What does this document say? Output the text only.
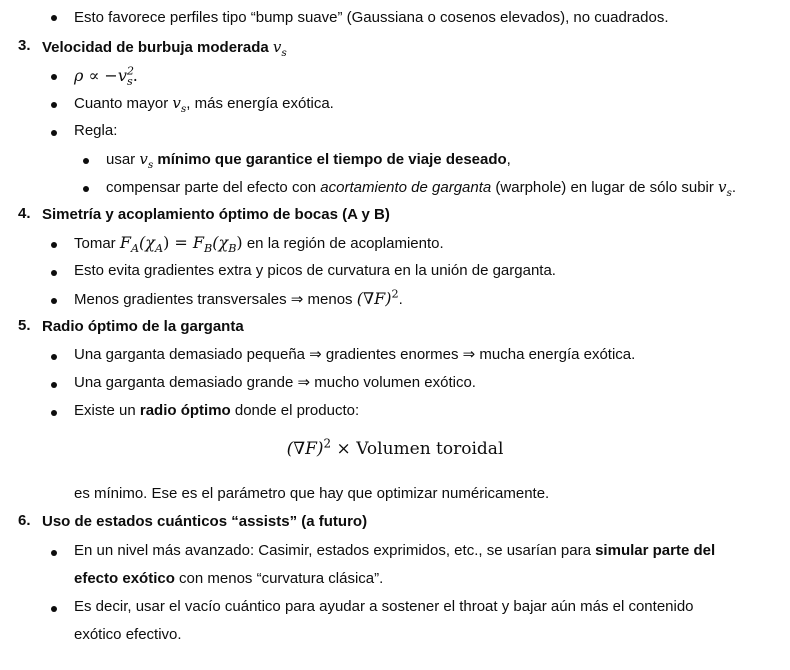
Esto favorece perfiles tipo “bump suave” (Gaussiana o cosenos elevados), no cuadrados.
3. Velocidad de burbuja moderada $v_s$
$\rho \propto -v^2_s$.
Cuanto mayor $v_s$, más energía exótica.
Regla:
usar $v_s$ mínimo que garantice el tiempo de viaje deseado,
compensar parte del efecto con acortamiento de garganta (warphole) en lugar de sólo subir $v_s$.
4. Simetría y acoplamiento óptimo de bocas (A y B)
Tomar $F_A(\chi_A) = F_B(\chi_B)$ en la región de acoplamiento.
Esto evita gradientes extra y picos de curvatura en la unión de garganta.
Menos gradientes transversales ⇒ menos $(\nabla F)^2$.
5. Radio óptimo de la garganta
Una garganta demasiado pequeña ⇒ gradientes enormes ⇒ mucha energía exótica.
Una garganta demasiado grande ⇒ mucho volumen exótico.
Existe un radio óptimo donde el producto:
$(\nabla F)^2$ × Volumen toroidal
es mínimo. Ese es el parámetro que hay que optimizar numéricamente.
6. Uso de estados cuánticos “assists” (a futuro)
En un nivel más avanzado: Casimir, estados exprimidos, etc., se usarían para simular parte del
efecto exótico con menos “curvatura clásica”.
Es decir, usar el vacío cuántico para ayudar a sostener el throat y bajar aún más el contenido
exótico efectivo.
